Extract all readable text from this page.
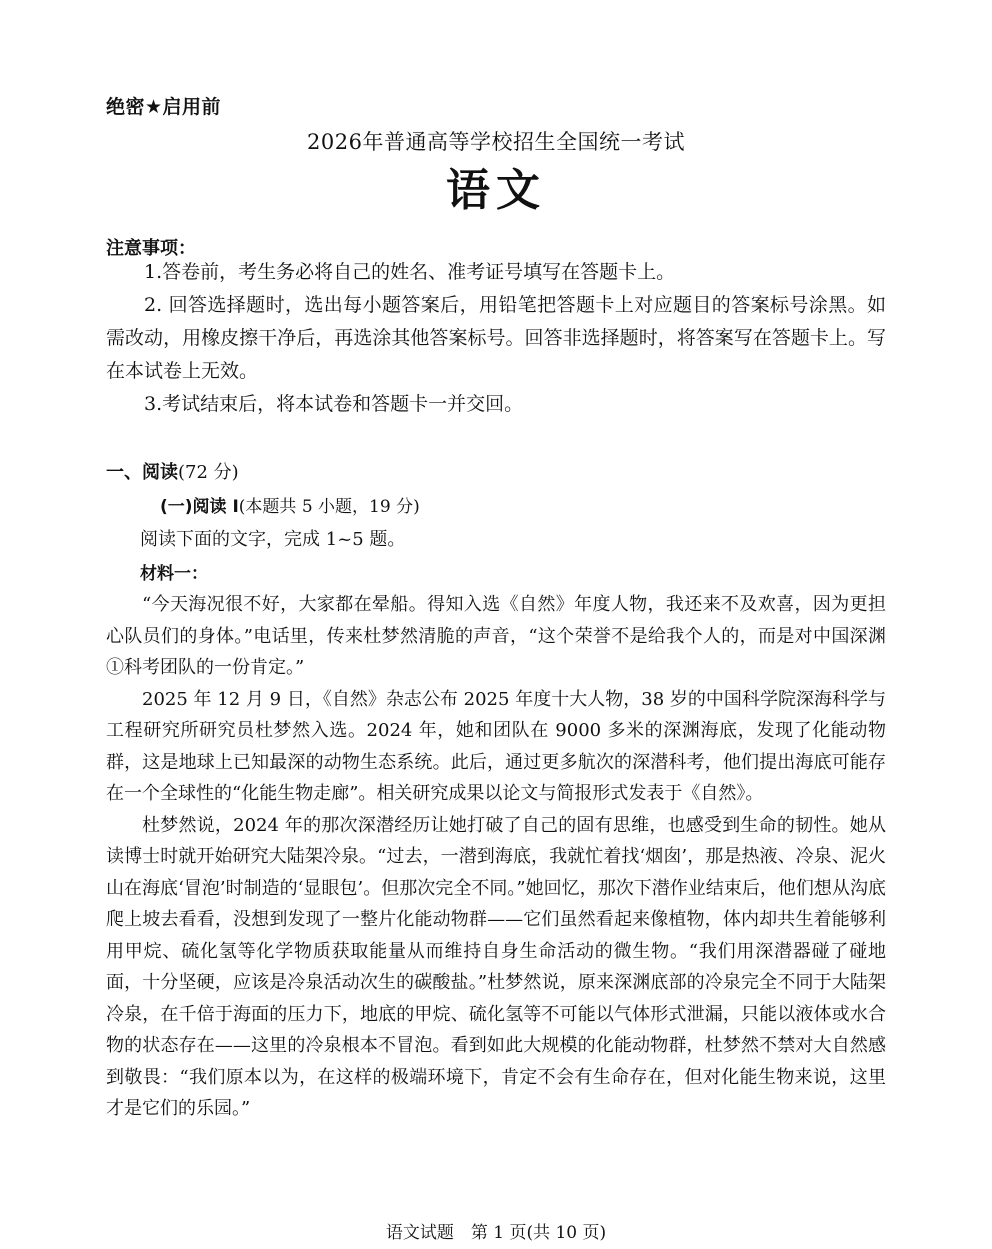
绝密★启用前
2026年普通高等学校招生全国统一考试
语文
注意事项：

1.答卷前，考生务必将自己的姓名、准考证号填写在答题卡上。

2. 回答选择题时，选出每小题答案后，用铅笔把答题卡上对应题目的答案标号涂黑。如需改动，用橡皮擦干净后，再选涂其他答案标号。回答非选择题时，将答案写在答题卡上。写在本试卷上无效。

3.考试结束后，将本试卷和答题卡一并交回。

一、阅读(72 分)
(一)阅读 I(本题共 5 小题，19 分)
阅读下面的文字，完成 1~5 题。
材料一：

“今天海况很不好，大家都在晕船。得知入选《自然》年度人物，我还来不及欢喜，因为更担心队员们的身体。”电话里，传来杜梦然清脆的声音，“这个荣誉不是给我个人的，而是对中国深渊①科考团队的一份肯定。”

2025 年 12 月 9 日，《自然》杂志公布 2025 年度十大人物，38 岁的中国科学院深海科学与工程研究所研究员杜梦然入选。2024 年，她和团队在 9000 多米的深渊海底，发现了化能动物群，这是地球上已知最深的动物生态系统。此后，通过更多航次的深潜科考，他们提出海底可能存在一个全球性的“化能生物走廊”。相关研究成果以论文与简报形式发表于《自然》。

杜梦然说，2024 年的那次深潜经历让她打破了自己的固有思维，也感受到生命的韧性。她从读博士时就开始研究大陆架冷泉。“过去，一潜到海底，我就忙着找‘烟囱’，那是热液、冷泉、泥火山在海底‘冒泡’时制造的‘显眼包’。但那次完全不同。”她回忆，那次下潜作业结束后，他们想从沟底爬上坡去看看，没想到发现了一整片化能动物群——它们虽然看起来像植物，体内却共生着能够利用甲烷、硫化氢等化学物质获取能量从而维持自身生命活动的微生物。“我们用深潜器碰了碰地面，十分坚硬，应该是冷泉活动次生的碳酸盐。”杜梦然说，原来深渊底部的冷泉完全不同于大陆架冷泉，在千倍于海面的压力下，地底的甲烷、硫化氢等不可能以气体形式泄漏，只能以液体或水合物的状态存在——这里的冷泉根本不冒泡。看到如此大规模的化能动物群，杜梦然不禁对大自然感到敬畏：“我们原本以为，在这样的极端环境下，肯定不会有生命存在，但对化能生物来说，这里才是它们的乐园。”

语文试题　第 1 页(共 10 页)
